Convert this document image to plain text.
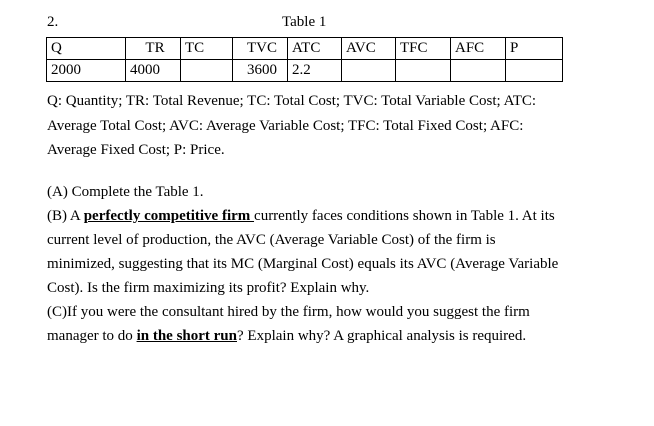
2.	Table 1
Q	TR	TC	TVC	ATC	AVC	TFC	AFC	P
2000	4000		3600	2.2				
Q: Quantity; TR: Total Revenue; TC: Total Cost; TVC: Total Variable Cost; ATC:
Average Total Cost; AVC: Average Variable Cost; TFC: Total Fixed Cost; AFC:
Average Fixed Cost; P: Price.
(A) Complete the Table 1.
(B) A perfectly competitive firm currently faces conditions shown in Table 1. At its
current level of production, the AVC (Average Variable Cost) of the firm is
minimized, suggesting that its MC (Marginal Cost) equals its AVC (Average Variable
Cost). Is the firm maximizing its profit? Explain why.
(C)If you were the consultant hired by the firm, how would you suggest the firm
manager to do in the short run? Explain why? A graphical analysis is required.
